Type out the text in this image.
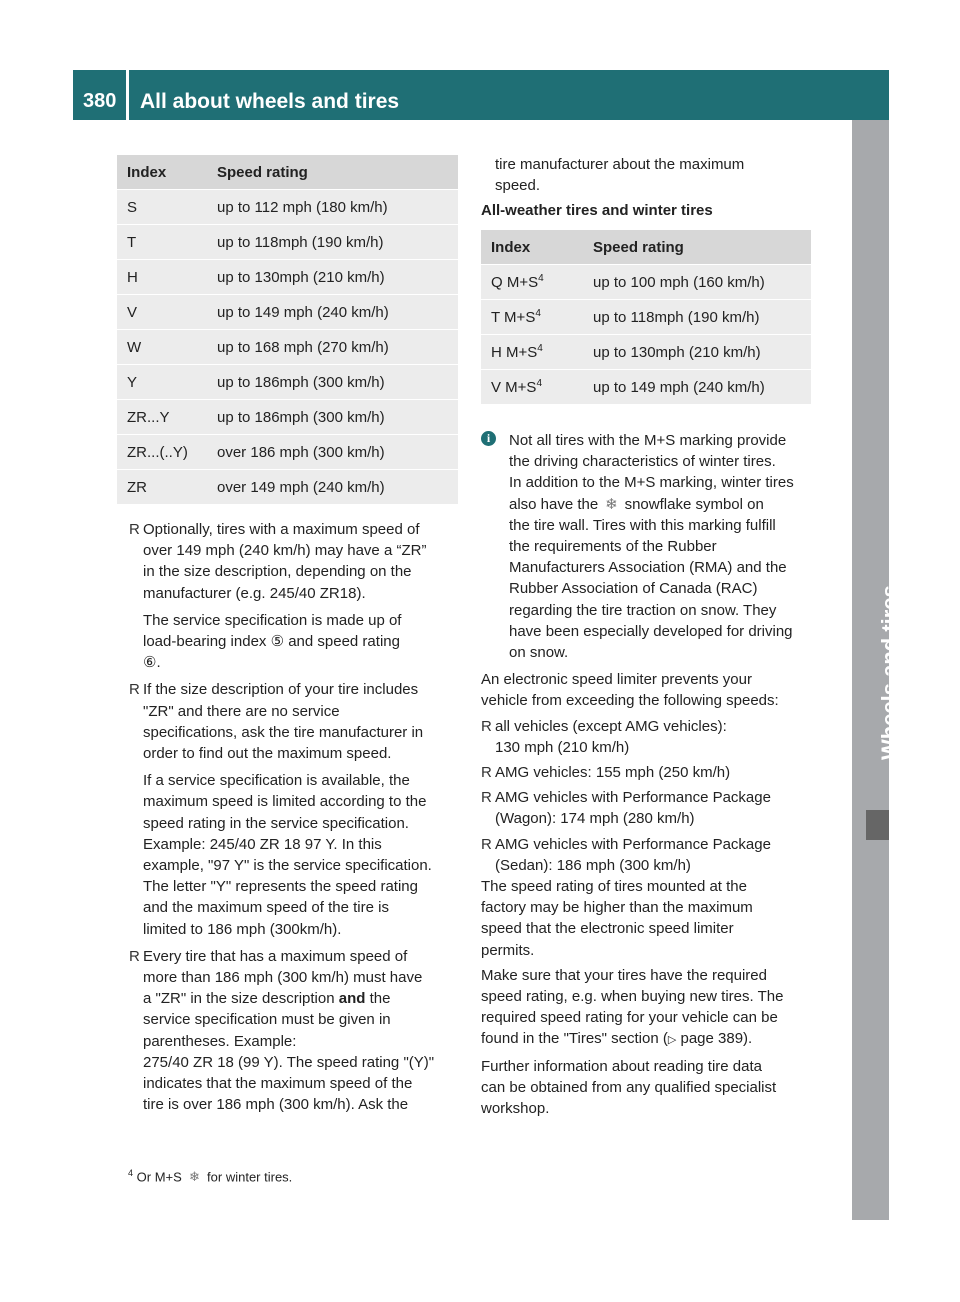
380 All about wheels and tires
Wheels and tires
Index	Speed rating
S	up to 112 mph (180 km/h)
T	up to 118mph (190 km/h)
H	up to 130mph (210 km/h)
V	up to 149 mph (240 km/h)
W	up to 168 mph (270 km/h)
Y	up to 186mph (300 km/h)
ZR...Y	up to 186mph (300 km/h)
ZR...(..Y)	over 186 mph (300 km/h)
ZR	over 149 mph (240 km/h)
R Optionally, tires with a maximum speed of

over 149 mph (240 km/h) may have a “ZR”

in the size description, depending on the

manufacturer (e.g. 245/40 ZR18).

The service specification is made up of

load-bearing index ⑤ and speed rating

⑥.

R If the size description of your tire includes

"ZR" and there are no service

specifications, ask the tire manufacturer in

order to find out the maximum speed.

If a service specification is available, the

maximum speed is limited according to the

speed rating in the service specification.

Example: 245/40 ZR 18 97 Y. In this

example, "97 Y" is the service specification.

The letter "Y" represents the speed rating

and the maximum speed of the tire is

limited to 186 mph (300km/h).

R Every tire that has a maximum speed of

more than 186 mph (300 km/h) must have

a "ZR" in the size description and the

service specification must be given in

parentheses. Example:

275/40 ZR 18 (99 Y). The speed rating "(Y)"

indicates that the maximum speed of the

tire is over 186 mph (300 km/h). Ask the

tire manufacturer about the maximum

speed.

All-weather tires and winter tires

Index	Speed rating
Q $M+S^4$	up to 100 mph (160 km/h)
T $M+S^4$	up to 118mph (190 km/h)
H $M+S^4$	up to 130mph (210 km/h)
V $M+S^4$	up to 149 mph (240 km/h)
i	Not all tires with the M+S marking provide

the driving characteristics of winter tires.

In addition to the M+S marking, winter tires

also have the ❄ snowflake symbol on

the tire wall. Tires with this marking fulfill

the requirements of the Rubber

Manufacturers Association (RMA) and the

Rubber Association of Canada (RAC)

regarding the tire traction on snow. They

have been especially developed for driving

on snow.

An electronic speed limiter prevents your

vehicle from exceeding the following speeds:

R all vehicles (except AMG vehicles):

130 mph (210 km/h)

R AMG vehicles: 155 mph (250 km/h)

R AMG vehicles with Performance Package

(Wagon): 174 mph (280 km/h)

R AMG vehicles with Performance Package

(Sedan): 186 mph (300 km/h)

The speed rating of tires mounted at the

factory may be higher than the maximum

speed that the electronic speed limiter

permits.

Make sure that your tires have the required

speed rating, e.g. when buying new tires. The

required speed rating for your vehicle can be

found in the "Tires" section (▷ page 389).

Further information about reading tire data

can be obtained from any qualified specialist

workshop.

$^4$ Or M+S ❄ for winter tires.
